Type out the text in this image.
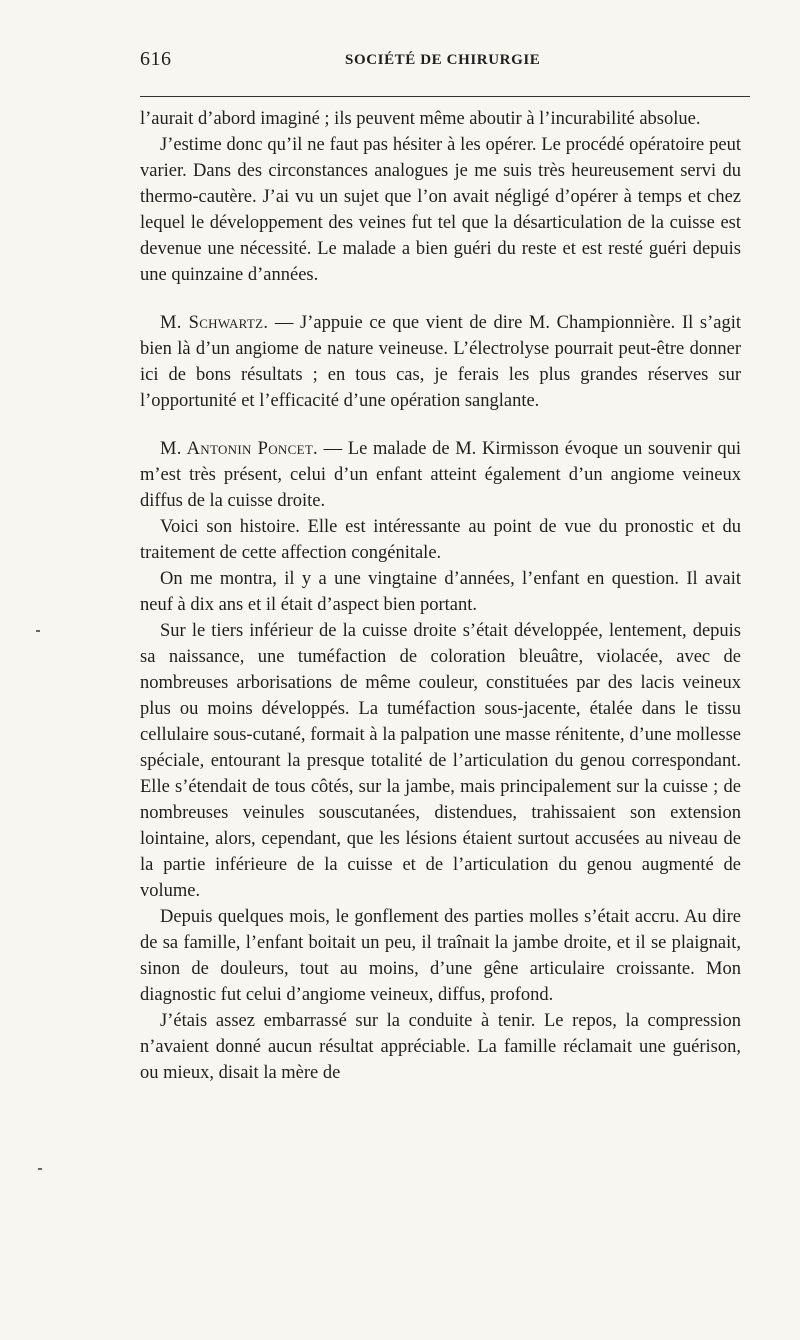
616	SOCIÉTÉ DE CHIRURGIE

l’aurait d’abord imaginé ; ils peuvent même aboutir à l’incurabilité absolue.

J’estime donc qu’il ne faut pas hésiter à les opérer. Le procédé opératoire peut varier. Dans des circonstances analogues je me suis très heureusement servi du thermo-cautère. J’ai vu un sujet que l’on avait négligé d’opérer à temps et chez lequel le développement des veines fut tel que la désarticulation de la cuisse est devenue une nécessité. Le malade a bien guéri du reste et est resté guéri depuis une quinzaine d’années.

M. Schwartz. — J’appuie ce que vient de dire M. Championnière. Il s’agit bien là d’un angiome de nature veineuse. L’électrolyse pourrait peut-être donner ici de bons résultats ; en tous cas, je ferais les plus grandes réserves sur l’opportunité et l’efficacité d’une opération sanglante.

M. Antonin Poncet. — Le malade de M. Kirmisson évoque un souvenir qui m’est très présent, celui d’un enfant atteint également d’un angiome veineux diffus de la cuisse droite.

Voici son histoire. Elle est intéressante au point de vue du pronostic et du traitement de cette affection congénitale.

On me montra, il y a une vingtaine d’années, l’enfant en question. Il avait neuf à dix ans et il était d’aspect bien portant.

Sur le tiers inférieur de la cuisse droite s’était développée, lentement, depuis sa naissance, une tuméfaction de coloration bleuâtre, violacée, avec de nombreuses arborisations de même couleur, constituées par des lacis veineux plus ou moins développés. La tuméfaction sous-jacente, étalée dans le tissu cellulaire sous-cutané, formait à la palpation une masse rénitente, d’une mollesse spéciale, entourant la presque totalité de l’articulation du genou correspondant. Elle s’étendait de tous côtés, sur la jambe, mais principalement sur la cuisse ; de nombreuses veinules souscutanées, distendues, trahissaient son extension lointaine, alors, cependant, que les lésions étaient surtout accusées au niveau de la partie inférieure de la cuisse et de l’articulation du genou augmenté de volume.

Depuis quelques mois, le gonflement des parties molles s’était accru. Au dire de sa famille, l’enfant boitait un peu, il traînait la jambe droite, et il se plaignait, sinon de douleurs, tout au moins, d’une gêne articulaire croissante. Mon diagnostic fut celui d’angiome veineux, diffus, profond.

J’étais assez embarrassé sur la conduite à tenir. Le repos, la compression n’avaient donné aucun résultat appréciable. La famille réclamait une guérison, ou mieux, disait la mère de
